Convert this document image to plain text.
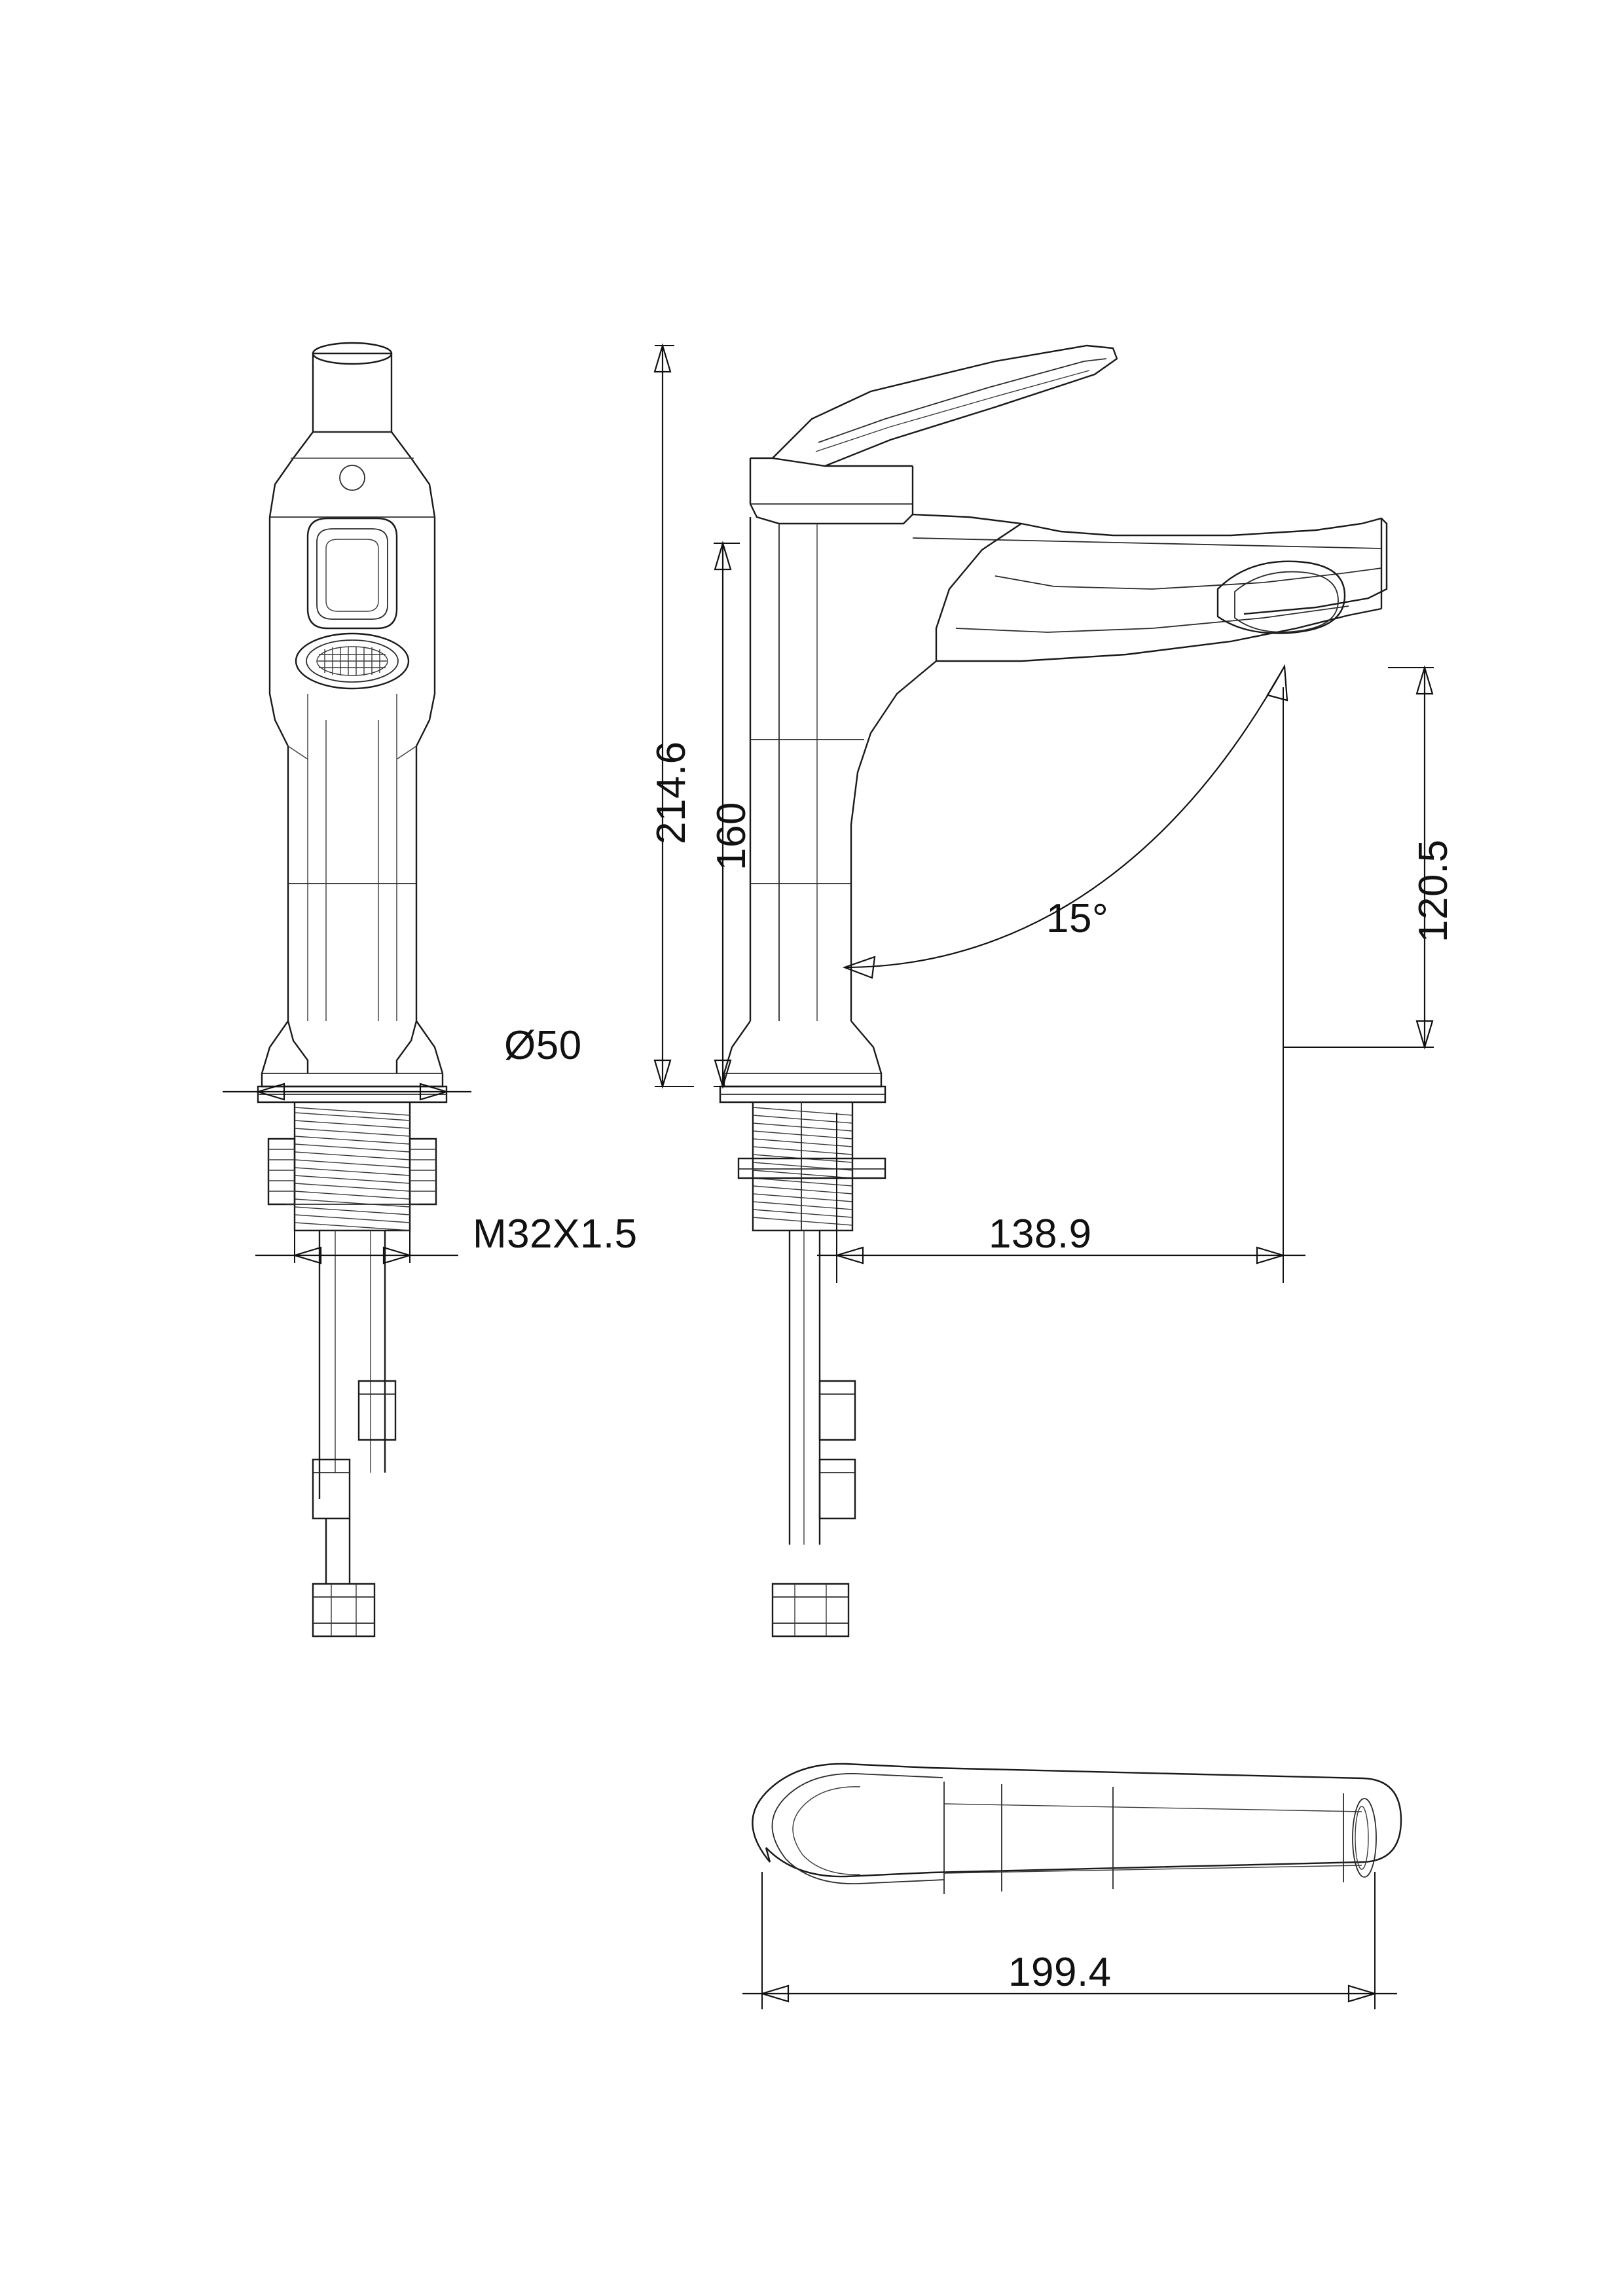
214.6 160
120.5
Ø50
M32X1.5	138.9
15°
199.4
